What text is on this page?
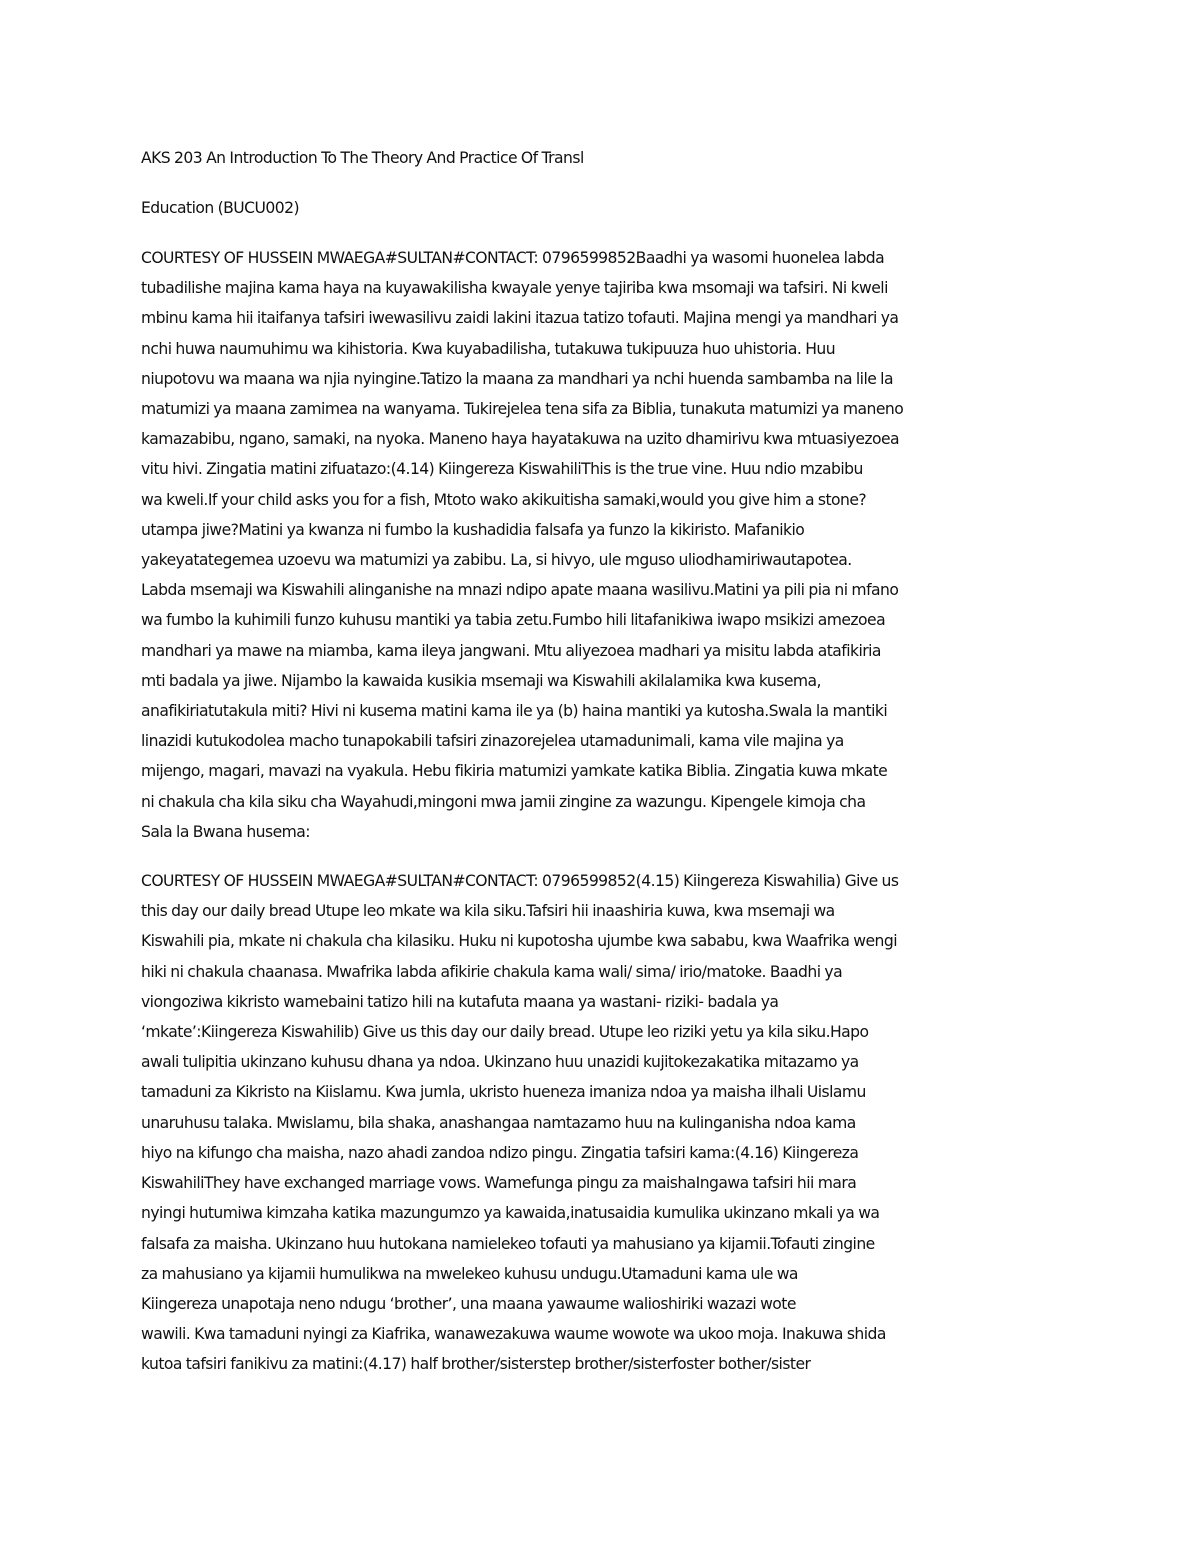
AKS 203 An Introduction To The Theory And Practice Of Transl

Education (BUCU002)

COURTESY OF HUSSEIN MWAEGA#SULTAN#CONTACT: 0796599852Baadhi ya wasomi huonelea labda
tubadilishe majina kama haya na kuyawakilisha kwayale yenye tajiriba kwa msomaji wa tafsiri. Ni kweli
mbinu kama hii itaifanya tafsiri iwewasilivu zaidi lakini itazua tatizo tofauti. Majina mengi ya mandhari ya
nchi huwa naumuhimu wa kihistoria. Kwa kuyabadilisha, tutakuwa tukipuuza huo uhistoria. Huu
niupotovu wa maana wa njia nyingine.Tatizo la maana za mandhari ya nchi huenda sambamba na lile la
matumizi ya maana zamimea na wanyama. Tukirejelea tena sifa za Biblia, tunakuta matumizi ya maneno
kamazabibu, ngano, samaki, na nyoka. Maneno haya hayatakuwa na uzito dhamirivu kwa mtuasiyezoea
vitu hivi. Zingatia matini zifuatazo:(4.14) Kiingereza KiswahiliThis is the true vine. Huu ndio mzabibu
wa kweli.If your child asks you for a fish, Mtoto wako akikuitisha samaki,would you give him a stone?
utampa jiwe?Matini ya kwanza ni fumbo la kushadidia falsafa ya funzo la kikiristo. Mafanikio
yakeyatategemea uzoevu wa matumizi ya zabibu. La, si hivyo, ule mguso uliodhamiriwautapotea.
Labda msemaji wa Kiswahili alinganishe na mnazi ndipo apate maana wasilivu.Matini ya pili pia ni mfano
wa fumbo la kuhimili funzo kuhusu mantiki ya tabia zetu.Fumbo hili litafanikiwa iwapo msikizi amezoea
mandhari ya mawe na miamba, kama ileya jangwani. Mtu aliyezoea madhari ya misitu labda atafikiria
mti badala ya jiwe. Nijambo la kawaida kusikia msemaji wa Kiswahili akilalamika kwa kusema,
anafikiriatutakula miti? Hivi ni kusema matini kama ile ya (b) haina mantiki ya kutosha.Swala la mantiki
linazidi kutukodolea macho tunapokabili tafsiri zinazorejelea utamadunimali, kama vile majina ya
mijengo, magari, mavazi na vyakula. Hebu fikiria matumizi yamkate katika Biblia. Zingatia kuwa mkate
ni chakula cha kila siku cha Wayahudi,mingoni mwa jamii zingine za wazungu. Kipengele kimoja cha
Sala la Bwana husema:
COURTESY OF HUSSEIN MWAEGA#SULTAN#CONTACT: 0796599852(4.15) Kiingereza Kiswahilia) Give us
this day our daily bread Utupe leo mkate wa kila siku.Tafsiri hii inaashiria kuwa, kwa msemaji wa
Kiswahili pia, mkate ni chakula cha kilasiku. Huku ni kupotosha ujumbe kwa sababu, kwa Waafrika wengi
hiki ni chakula chaanasa. Mwafrika labda afikirie chakula kama wali/ sima/ irio/matoke. Baadhi ya
viongoziwa kikristo wamebaini tatizo hili na kutafuta maana ya wastani- riziki- badala ya
‘mkate’:Kiingereza Kiswahilib) Give us this day our daily bread. Utupe leo riziki yetu ya kila siku.Hapo
awali tulipitia ukinzano kuhusu dhana ya ndoa. Ukinzano huu unazidi kujitokezakatika mitazamo ya
tamaduni za Kikristo na Kiislamu. Kwa jumla, ukristo hueneza imaniza ndoa ya maisha ilhali Uislamu
unaruhusu talaka. Mwislamu, bila shaka, anashangaa namtazamo huu na kulinganisha ndoa kama
hiyo na kifungo cha maisha, nazo ahadi zandoa ndizo pingu. Zingatia tafsiri kama:(4.16) Kiingereza
KiswahiliThey have exchanged marriage vows. Wamefunga pingu za maishaIngawa tafsiri hii mara
nyingi hutumiwa kimzaha katika mazungumzo ya kawaida,inatusaidia kumulika ukinzano mkali ya wa
falsafa za maisha. Ukinzano huu hutokana namielekeo tofauti ya mahusiano ya kijamii.Tofauti zingine
za mahusiano ya kijamii humulikwa na mwelekeo kuhusu undugu.Utamaduni kama ule wa
Kiingereza unapotaja neno ndugu ‘brother’, una maana yawaume walioshiriki wazazi wote
wawili. Kwa tamaduni nyingi za Kiafrika, wanawezakuwa waume wowote wa ukoo moja. Inakuwa shida
kutoa tafsiri fanikivu za matini:(4.17) half brother/sisterstep brother/sisterfoster bother/sister
